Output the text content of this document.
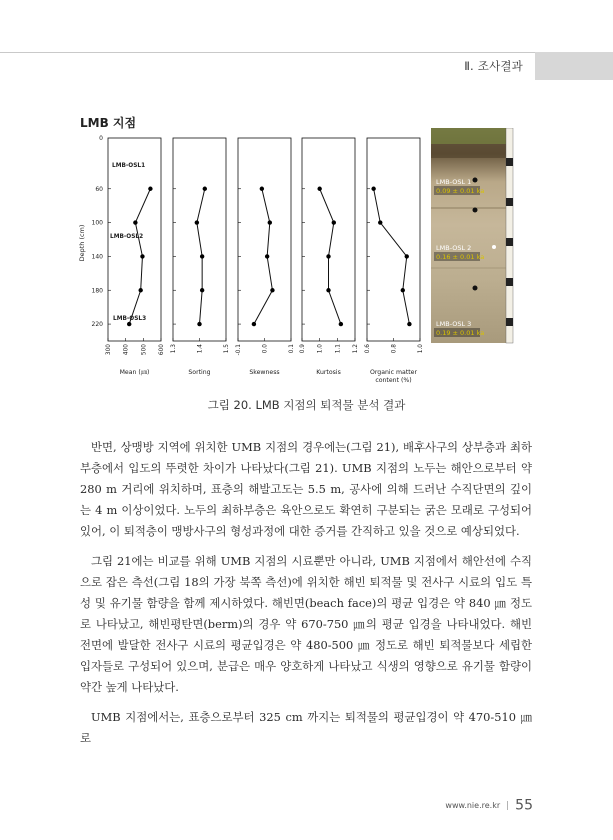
Ⅱ. 조사결과
LMB 지점
LMB-OSL 1
0.09 ± 0.01 ka
LMB-OSL 2
0.16 ± 0.01 ka
LMB-OSL 3
0.19 ± 0.01 ka
0
60
100
140
180
220
Depth (cm)
300 400 500 600
Mean (㎛)
1.3	1.4	1.5
Sorting
-0.1	0.0	0.1
Skewness
0.9 1.0 1.1 1.2
Kurtosis
0.6	0.8	1.0
Organic matter
content (%)
LMB-OSL1
LMB-OSL2
LMB-OSL3
그림 20. LMB 지점의 퇴적물 분석 결과

반면, 상맹방 지역에 위치한 UMB 지점의 경우에는(그림 21), 배후사구의 상부층과 최하부층에서 입도의 뚜렷한 차이가 나타났다(그림 21). UMB 지점의 노두는 해안으로부터 약 280 m 거리에 위치하며, 표층의 해발고도는 5.5 m, 공사에 의해 드러난 수직단면의 깊이는 4 m 이상이었다. 노두의 최하부층은 육안으로도 확연히 구분되는 굵은 모래로 구성되어 있어, 이 퇴적층이 맹방사구의 형성과정에 대한 증거를 간직하고 있을 것으로 예상되었다.

그림 21에는 비교를 위해 UMB 지점의 시료뿐만 아니라, UMB 지점에서 해안선에 수직으로 잡은 측선(그림 18의 가장 북쪽 측선)에 위치한 해빈 퇴적물 및 전사구 시료의 입도 특성 및 유기물 함량을 함께 제시하였다. 해빈면(beach face)의 평균 입경은 약 840 ㎛ 정도로 나타났고, 해빈평탄면(berm)의 경우 약 670-750 ㎛의 평균 입경을 나타내었다. 해빈 전면에 발달한 전사구 시료의 평균입경은 약 480-500 ㎛ 정도로 해빈 퇴적물보다 세립한 입자들로 구성되어 있으며, 분급은 매우 양호하게 나타났고 식생의 영향으로 유기물 함량이 약간 높게 나타났다.

UMB 지점에서는, 표층으로부터 325 cm 까지는 퇴적물의 평균입경이 약 470-510 ㎛로

www.nie.re.kr | 55
